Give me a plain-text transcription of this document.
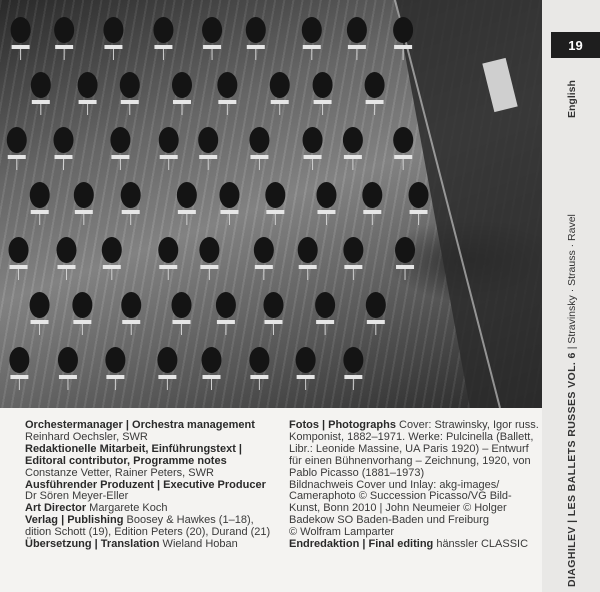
Orchestermanager | Orchestra management
Reinhard Oechsler, SWR
Redaktionelle Mitarbeit, Einführungstext |
Editoral contributor, Programme notes
Constanze Vetter, Rainer Peters, SWR
Ausführender Produzent | Executive Producer
Dr Sören Meyer-Eller
Art Director Margarete Koch
Verlag | Publishing Boosey & Hawkes (1–18),
dition Schott (19), Edition Peters (20), Durand (21)
Übersetzung | Translation Wieland Hoban
Fotos | Photographs Cover: Strawinsky, Igor russ.
Komponist, 1882–1971. Werke: Pulcinella (Ballett,
Libr.: Leonide Massine, UA Paris 1920) – Entwurf
für einen Bühnenvorhang – Zeichnung, 1920, von
Pablo Picasso (1881–1973)
Bildnachweis Cover und Inlay: akg-images/
Cameraphoto © Succession Picasso/VG Bild-
Kunst, Bonn 2010 | John Neumeier © Holger
Badekow SO Baden-Baden und Freiburg
© Wolfram Lamparter
Endredaktion | Final editing hänssler CLASSIC
19
English
DIAGHILEV | LES BALLETS RUSSES VOL. 6 | Stravinsky · Strauss · Ravel
